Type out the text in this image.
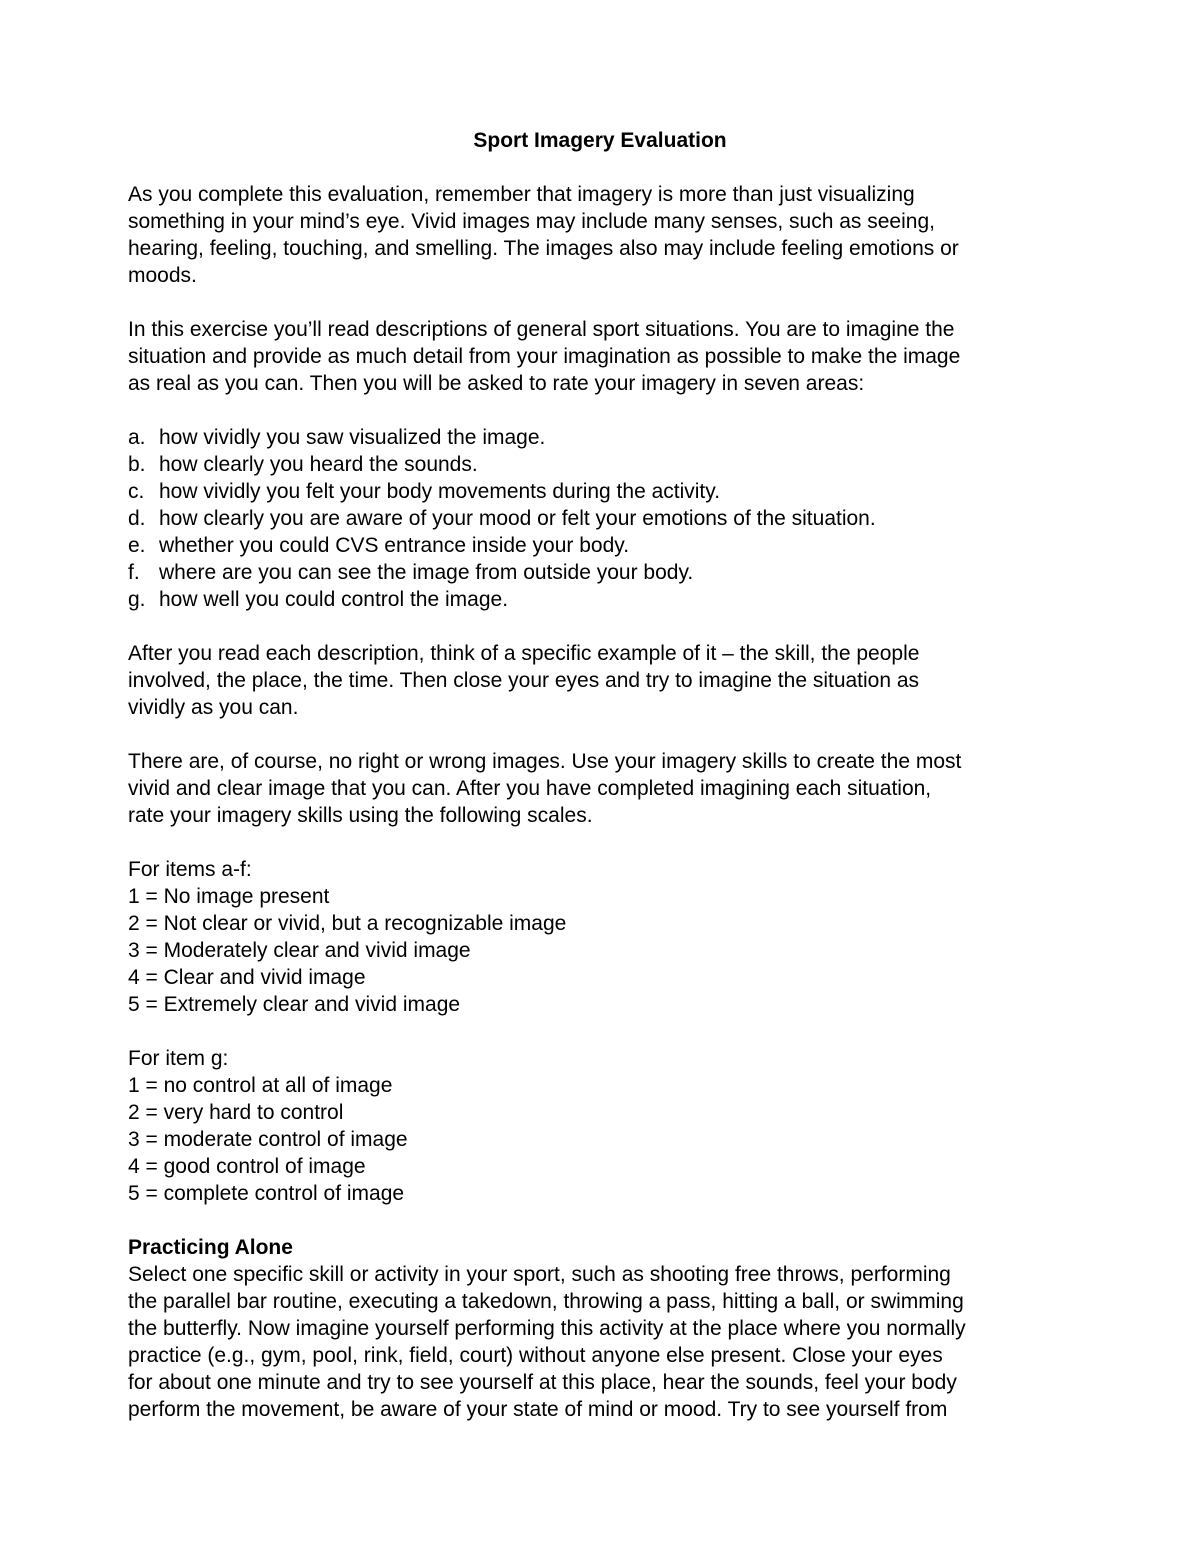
Sport Imagery Evaluation
As you complete this evaluation, remember that imagery is more than just visualizing
something in your mind’s eye. Vivid images may include many senses, such as seeing,
hearing, feeling, touching, and smelling. The images also may include feeling emotions or
moods.
In this exercise you’ll read descriptions of general sport situations. You are to imagine the
situation and provide as much detail from your imagination as possible to make the image
as real as you can. Then you will be asked to rate your imagery in seven areas:
a. how vividly you saw visualized the image.
b. how clearly you heard the sounds.
c. how vividly you felt your body movements during the activity.
d. how clearly you are aware of your mood or felt your emotions of the situation.
e. whether you could CVS entrance inside your body.
f. where are you can see the image from outside your body.
g. how well you could control the image.
After you read each description, think of a specific example of it – the skill, the people
involved, the place, the time. Then close your eyes and try to imagine the situation as
vividly as you can.
There are, of course, no right or wrong images. Use your imagery skills to create the most
vivid and clear image that you can. After you have completed imagining each situation,
rate your imagery skills using the following scales.
For items a-f:
1 = No image present
2 = Not clear or vivid, but a recognizable image
3 = Moderately clear and vivid image
4 = Clear and vivid image
5 = Extremely clear and vivid image
For item g:
1 = no control at all of image
2 = very hard to control
3 = moderate control of image
4 = good control of image
5 = complete control of image
Practicing Alone
Select one specific skill or activity in your sport, such as shooting free throws, performing
the parallel bar routine, executing a takedown, throwing a pass, hitting a ball, or swimming
the butterfly. Now imagine yourself performing this activity at the place where you normally
practice (e.g., gym, pool, rink, field, court) without anyone else present. Close your eyes
for about one minute and try to see yourself at this place, hear the sounds, feel your body
perform the movement, be aware of your state of mind or mood. Try to see yourself from
